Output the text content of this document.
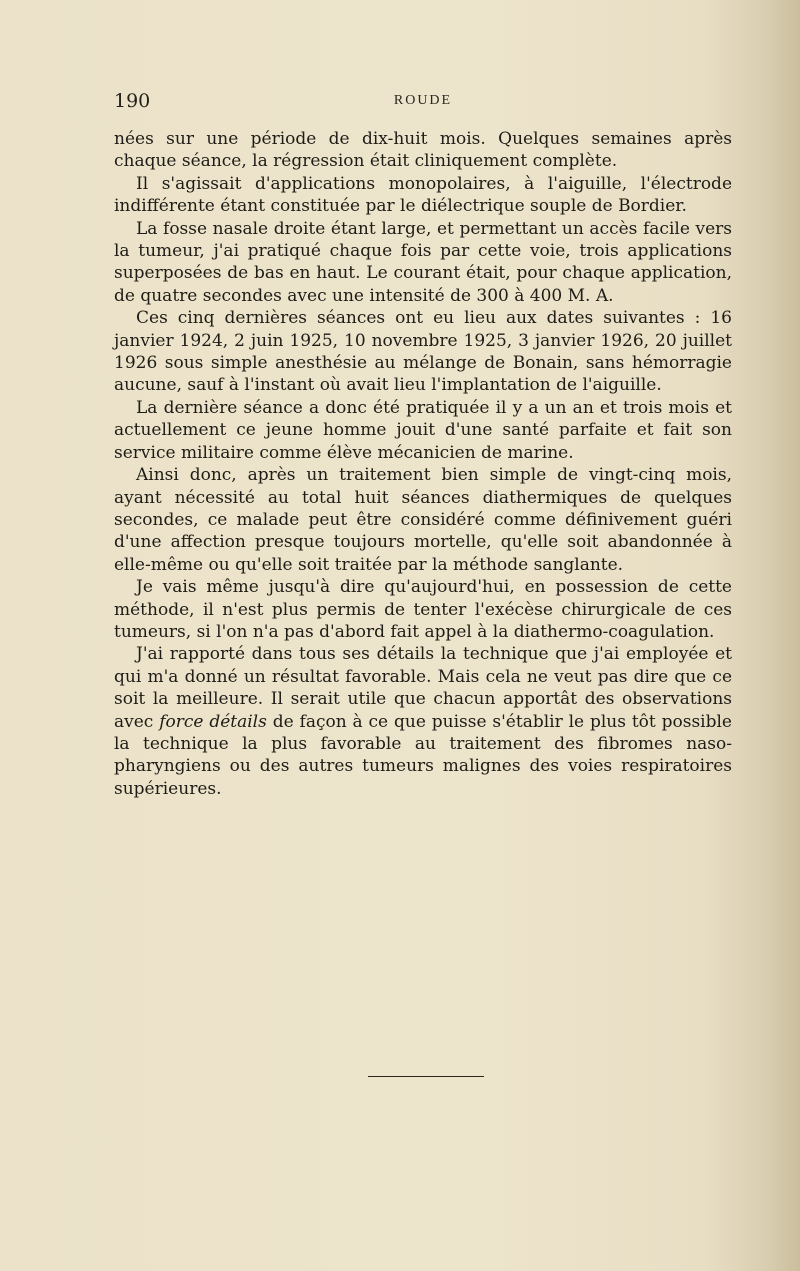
190	ROUDE

nées sur une période de dix-huit mois. Quelques semaines après chaque séance, la régression était cliniquement complète.

Il s'agissait d'applications monopolaires, à l'aiguille, l'électrode indifférente étant constituée par le diélectrique souple de Bordier.

La fosse nasale droite étant large, et permettant un accès facile vers la tumeur, j'ai pratiqué chaque fois par cette voie, trois applications superposées de bas en haut. Le courant était, pour chaque application, de quatre secondes avec une intensité de 300 à 400 M. A.

Ces cinq dernières séances ont eu lieu aux dates suivantes : 16 janvier 1924, 2 juin 1925, 10 novembre 1925, 3 janvier 1926, 20 juillet 1926 sous simple anesthésie au mélange de Bonain, sans hémorragie aucune, sauf à l'instant où avait lieu l'implantation de l'aiguille.

La dernière séance a donc été pratiquée il y a un an et trois mois et actuellement ce jeune homme jouit d'une santé parfaite et fait son service militaire comme élève mécanicien de marine.

Ainsi donc, après un traitement bien simple de vingt-cinq mois, ayant nécessité au total huit séances diathermiques de quelques secondes, ce malade peut être considéré comme définivement guéri d'une affection presque toujours mortelle, qu'elle soit abandonnée à elle-même ou qu'elle soit traitée par la méthode sanglante.

Je vais même jusqu'à dire qu'aujourd'hui, en possession de cette méthode, il n'est plus permis de tenter l'exécèse chirurgicale de ces tumeurs, si l'on n'a pas d'abord fait appel à la diathermo-coagulation.

J'ai rapporté dans tous ses détails la technique que j'ai employée et qui m'a donné un résultat favorable. Mais cela ne veut pas dire que ce soit la meilleure. Il serait utile que chacun apportât des observations avec force détails de façon à ce que puisse s'établir le plus tôt possible la technique la plus favorable au traitement des fibromes naso-pharyngiens ou des autres tumeurs malignes des voies respiratoires supérieures.
